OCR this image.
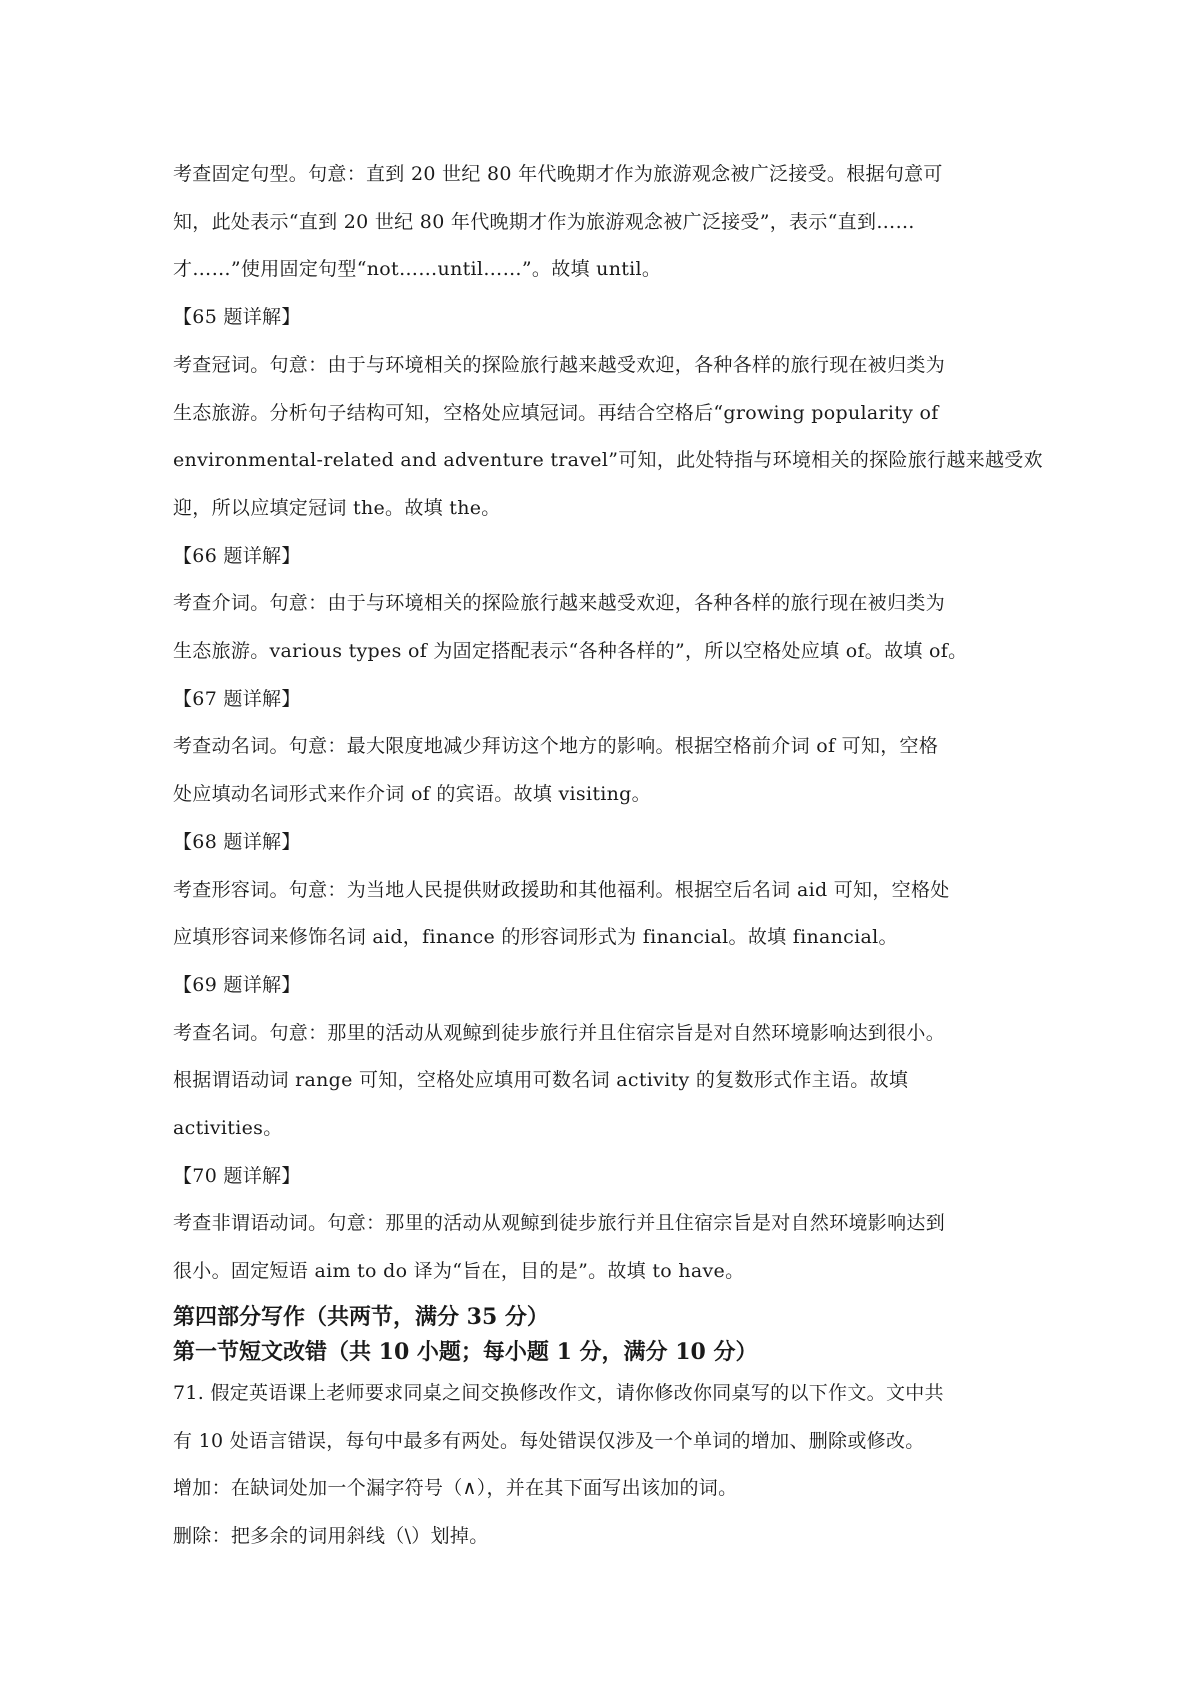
考查固定句型。句意：直到 20 世纪 80 年代晚期才作为旅游观念被广泛接受。根据句意可

知，此处表示“直到 20 世纪 80 年代晚期才作为旅游观念被广泛接受”，表示“直到……

才……”使用固定句型“not……until……”。故填 until。

【65 题详解】

考查冠词。句意：由于与环境相关的探险旅行越来越受欢迎，各种各样的旅行现在被归类为

生态旅游。分析句子结构可知，空格处应填冠词。再结合空格后“growing popularity of

environmental-related and adventure travel”可知，此处特指与环境相关的探险旅行越来越受欢

迎，所以应填定冠词 the。故填 the。

【66 题详解】

考查介词。句意：由于与环境相关的探险旅行越来越受欢迎，各种各样的旅行现在被归类为

生态旅游。various types of 为固定搭配表示“各种各样的”，所以空格处应填 of。故填 of。

【67 题详解】

考查动名词。句意：最大限度地减少拜访这个地方的影响。根据空格前介词 of 可知，空格

处应填动名词形式来作介词 of 的宾语。故填 visiting。

【68 题详解】

考查形容词。句意：为当地人民提供财政援助和其他福利。根据空后名词 aid 可知，空格处

应填形容词来修饰名词 aid，finance 的形容词形式为 financial。故填 financial。

【69 题详解】

考查名词。句意：那里的活动从观鲸到徒步旅行并且住宿宗旨是对自然环境影响达到很小。

根据谓语动词 range 可知，空格处应填用可数名词 activity 的复数形式作主语。故填

activities。

【70 题详解】

考查非谓语动词。句意：那里的活动从观鲸到徒步旅行并且住宿宗旨是对自然环境影响达到

很小。固定短语 aim to do 译为“旨在，目的是”。故填 to have。

第四部分写作（共两节，满分 35 分）

第一节短文改错（共 10 小题；每小题 1 分，满分 10 分）

71. 假定英语课上老师要求同桌之间交换修改作文，请你修改你同桌写的以下作文。文中共

有 10 处语言错误，每句中最多有两处。每处错误仅涉及一个单词的增加、删除或修改。

增加：在缺词处加一个漏字符号（∧），并在其下面写出该加的词。

删除：把多余的词用斜线（\）划掉。
